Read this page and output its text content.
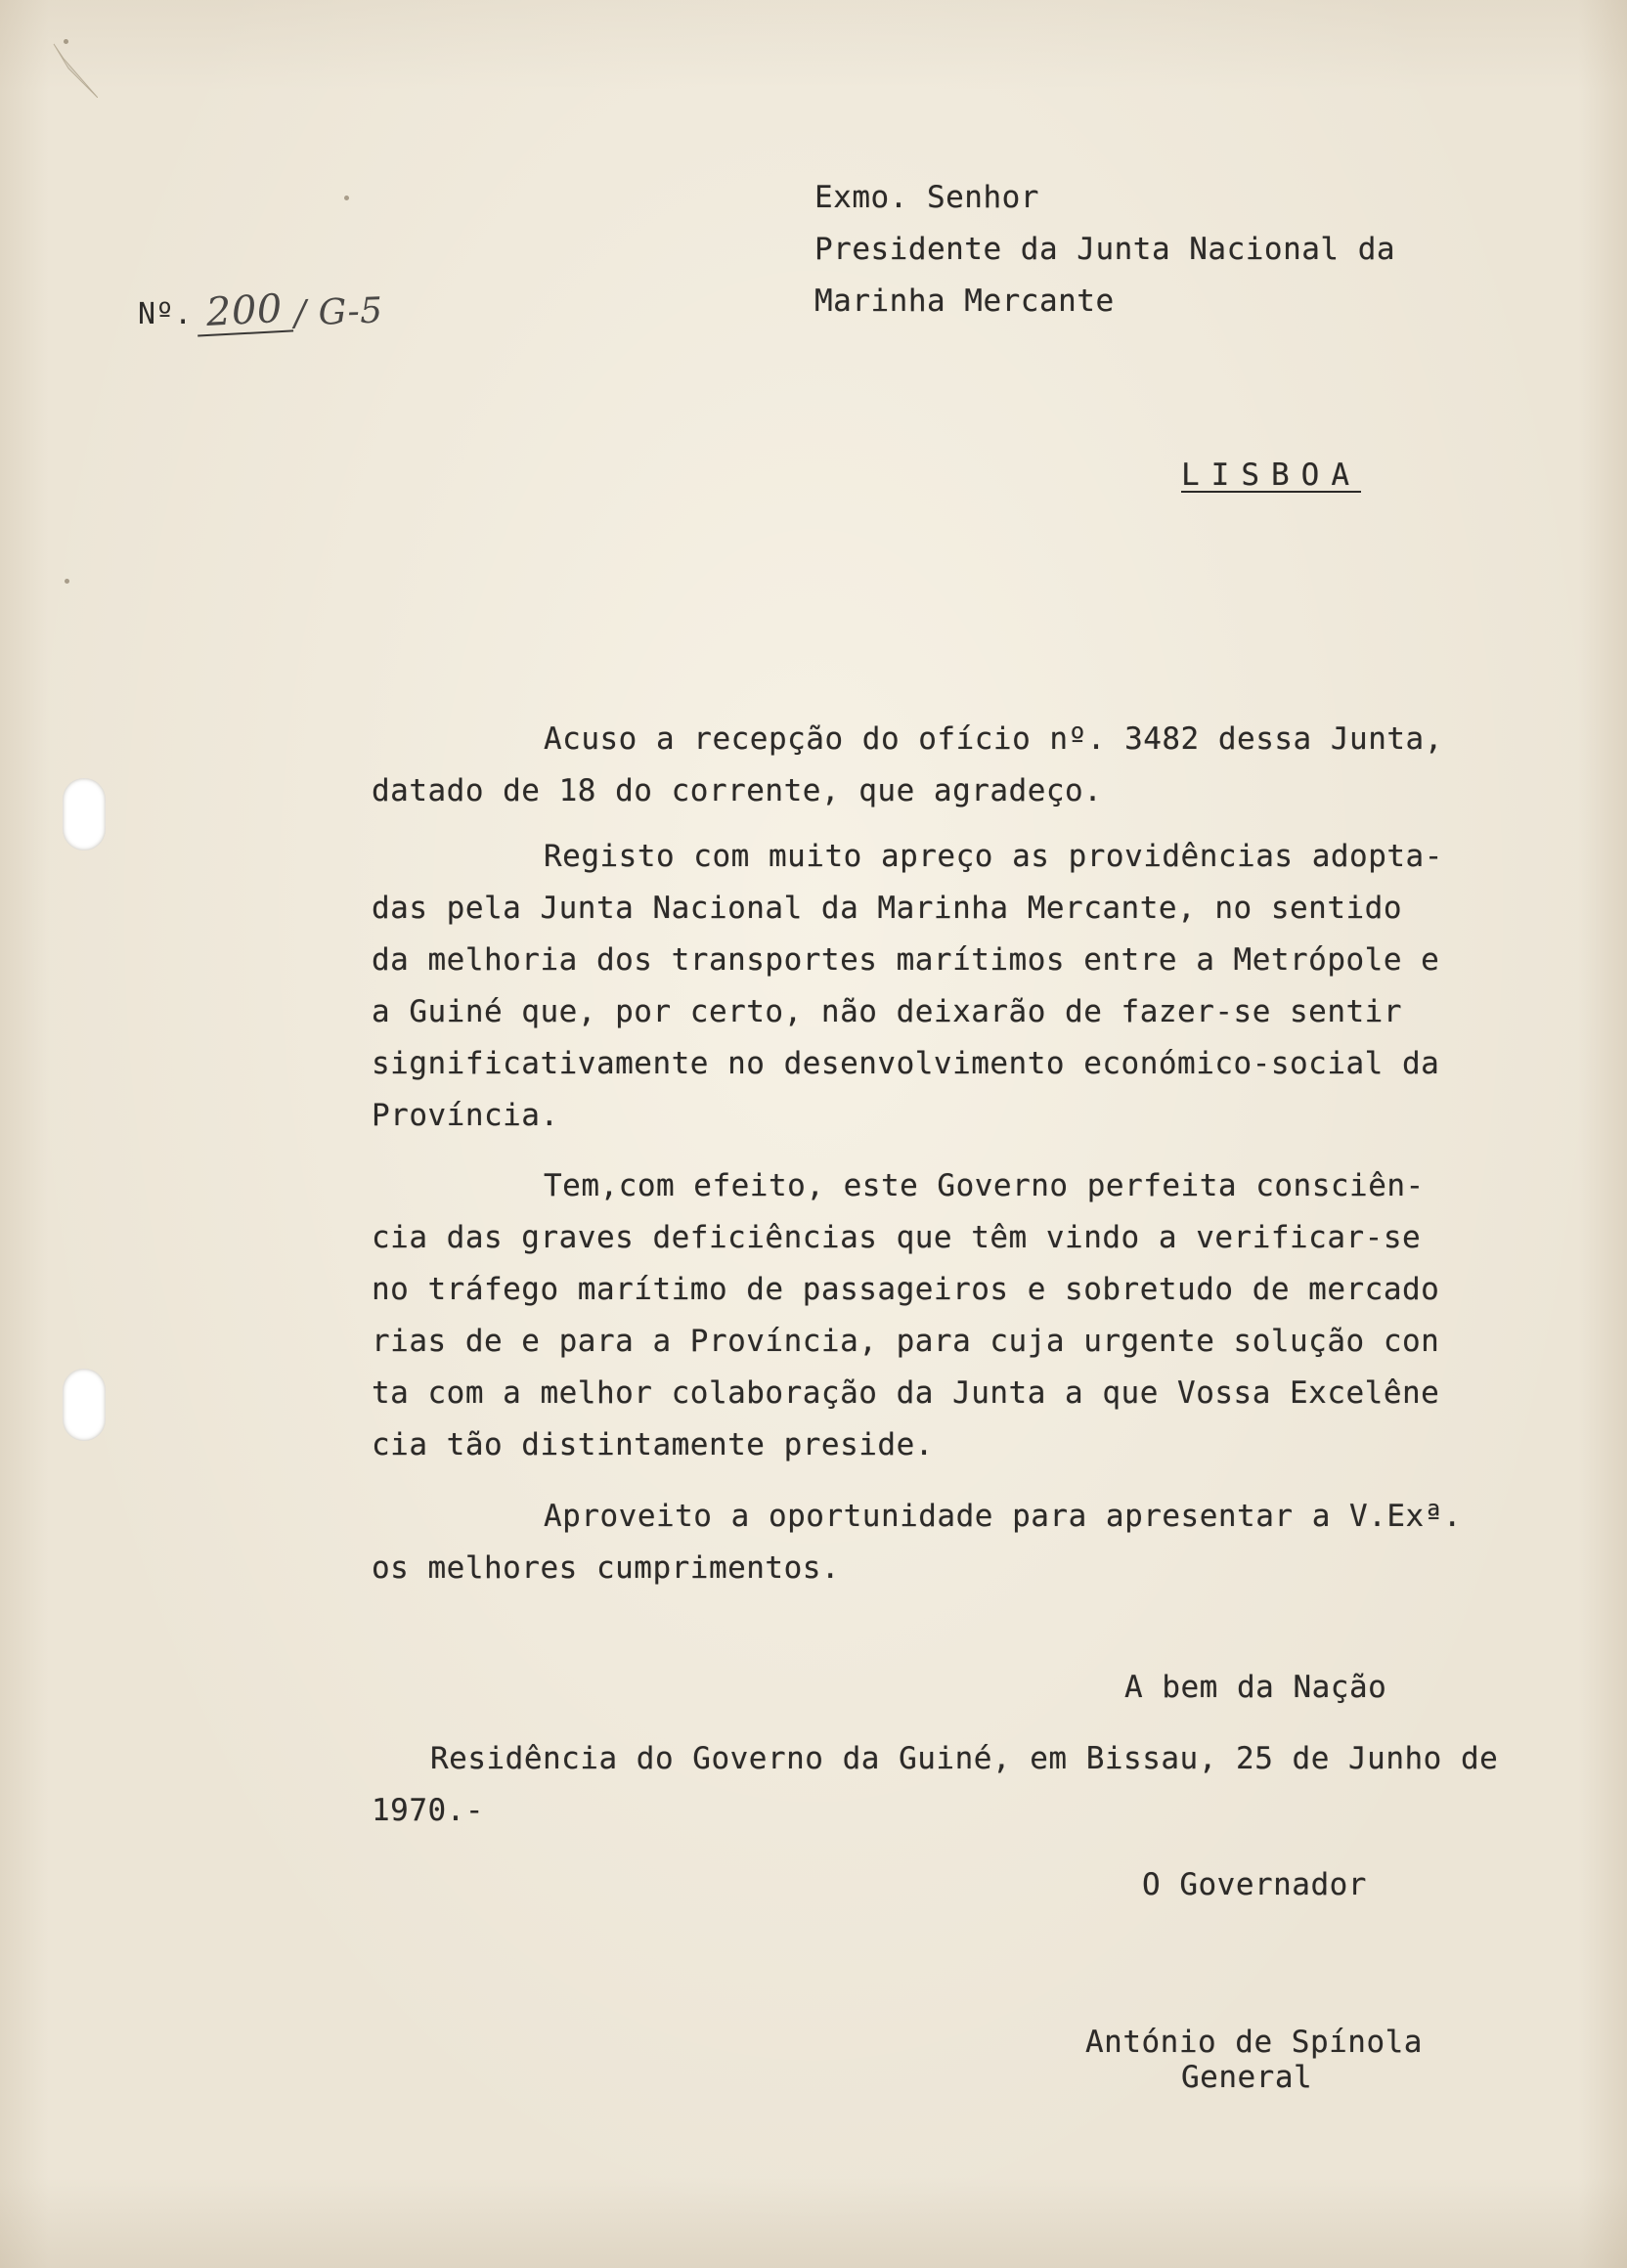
Exmo. Senhor
Presidente da Junta Nacional da
Marinha Mercante
Nº. 200 / G-5
LISBOA
Acuso a recepção do ofício nº. 3482 dessa Junta,
datado de 18 do corrente, que agradeço.
Registo com muito apreço as providências adopta-
das pela Junta Nacional da Marinha Mercante, no sentido
da melhoria dos transportes marítimos entre a Metrópole e
a Guiné que, por certo, não deixarão de fazer-se sentir
significativamente no desenvolvimento económico-social da
Província.
Tem,com efeito, este Governo perfeita consciên-
cia das graves deficiências que têm vindo a verificar-se
no tráfego marítimo de passageiros e sobretudo de mercado
rias de e para a Província, para cuja urgente solução con
ta com a melhor colaboração da Junta a que Vossa Excelêne
cia tão distintamente preside.
Aproveito a oportunidade para apresentar a V.Exª.
os melhores cumprimentos.
A bem da Nação
Residência do Governo da Guiné, em Bissau, 25 de Junho de
1970.-
O Governador
António de Spínola
General
